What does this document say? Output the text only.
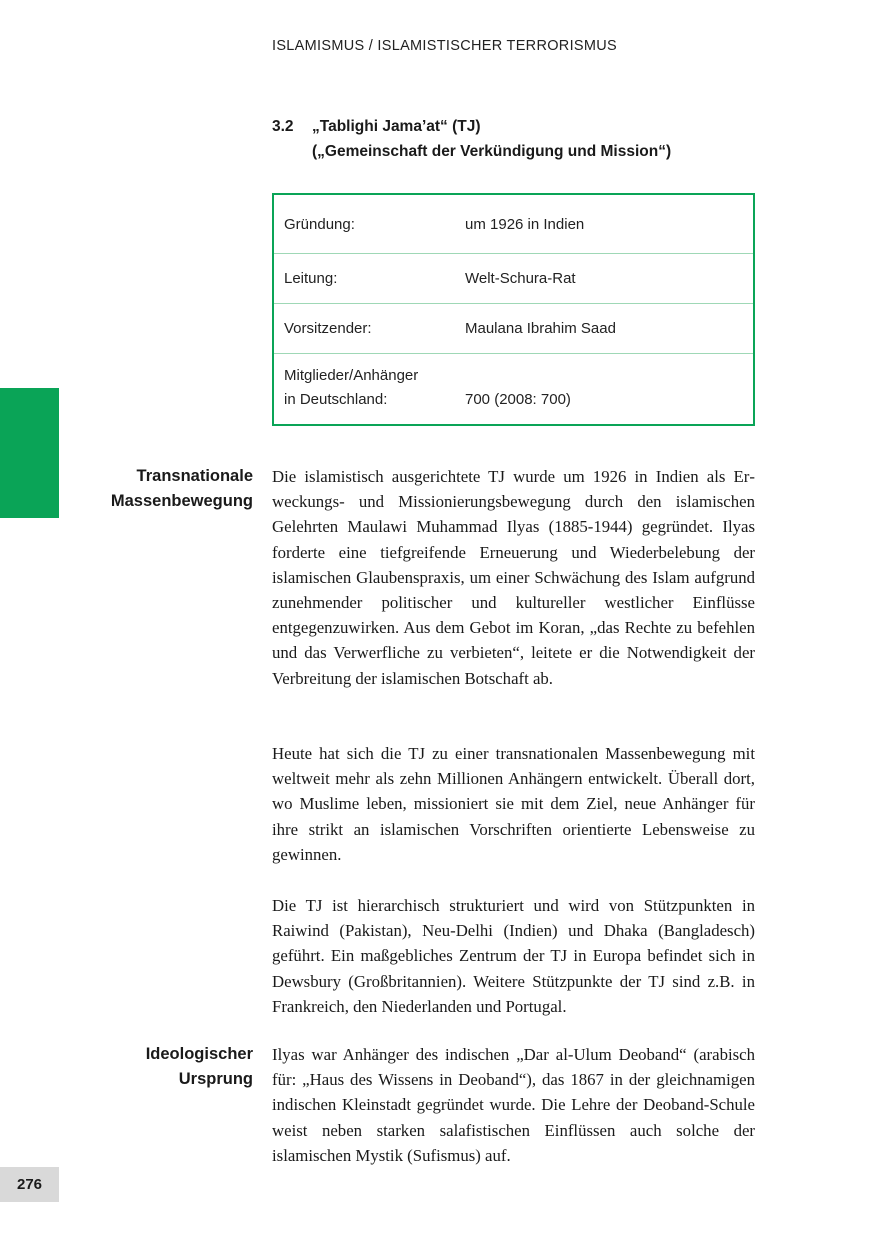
ISLAMISMUS / ISLAMISTISCHER TERRORISMUS
3.2 „Tablighi Jama’at“ (TJ)
(„Gemeinschaft der Verkündigung und Mission“)
Gründung:	um 1926 in Indien
Leitung:	Welt-Schura-Rat
Vorsitzender:	Maulana Ibrahim Saad
Mitglieder/Anhänger
in Deutschland:	700 (2008: 700)
Transnationale
Massenbewegung
Ideologischer
Ursprung

Die islamistisch ausgerichtete TJ wurde um 1926 in Indien als Erweckungs- und Missionierungsbewegung durch den islamischen Gelehrten Maulawi Muhammad Ilyas (1885-1944) gegründet. Ilyas forderte eine tiefgreifende Erneuerung und Wiederbelebung der islamischen Glaubenspraxis, um einer Schwächung des Islam aufgrund zunehmender politischer und kultureller westlicher Einflüsse entgegenzuwirken. Aus dem Gebot im Koran, „das Rechte zu befehlen und das Verwerfliche zu verbieten“, leitete er die Notwendigkeit der Verbreitung der islamischen Botschaft ab.

Heute hat sich die TJ zu einer transnationalen Massenbewegung mit weltweit mehr als zehn Millionen Anhängern entwickelt. Überall dort, wo Muslime leben, missioniert sie mit dem Ziel, neue Anhänger für ihre strikt an islamischen Vorschriften orientierte Lebensweise zu gewinnen.

Die TJ ist hierarchisch strukturiert und wird von Stützpunkten in Raiwind (Pakistan), Neu-Delhi (Indien) und Dhaka (Bangladesch) geführt. Ein maßgebliches Zentrum der TJ in Europa befindet sich in Dewsbury (Großbritannien). Weitere Stützpunkte der TJ sind z.B. in Frankreich, den Niederlanden und Portugal.

Ilyas war Anhänger des indischen „Dar al-Ulum Deoband“ (arabisch für: „Haus des Wissens in Deoband“), das 1867 in der gleichnamigen indischen Kleinstadt gegründet wurde. Die Lehre der Deoband-Schule weist neben starken salafistischen Einflüssen auch solche der islamischen Mystik (Sufismus) auf.

276
